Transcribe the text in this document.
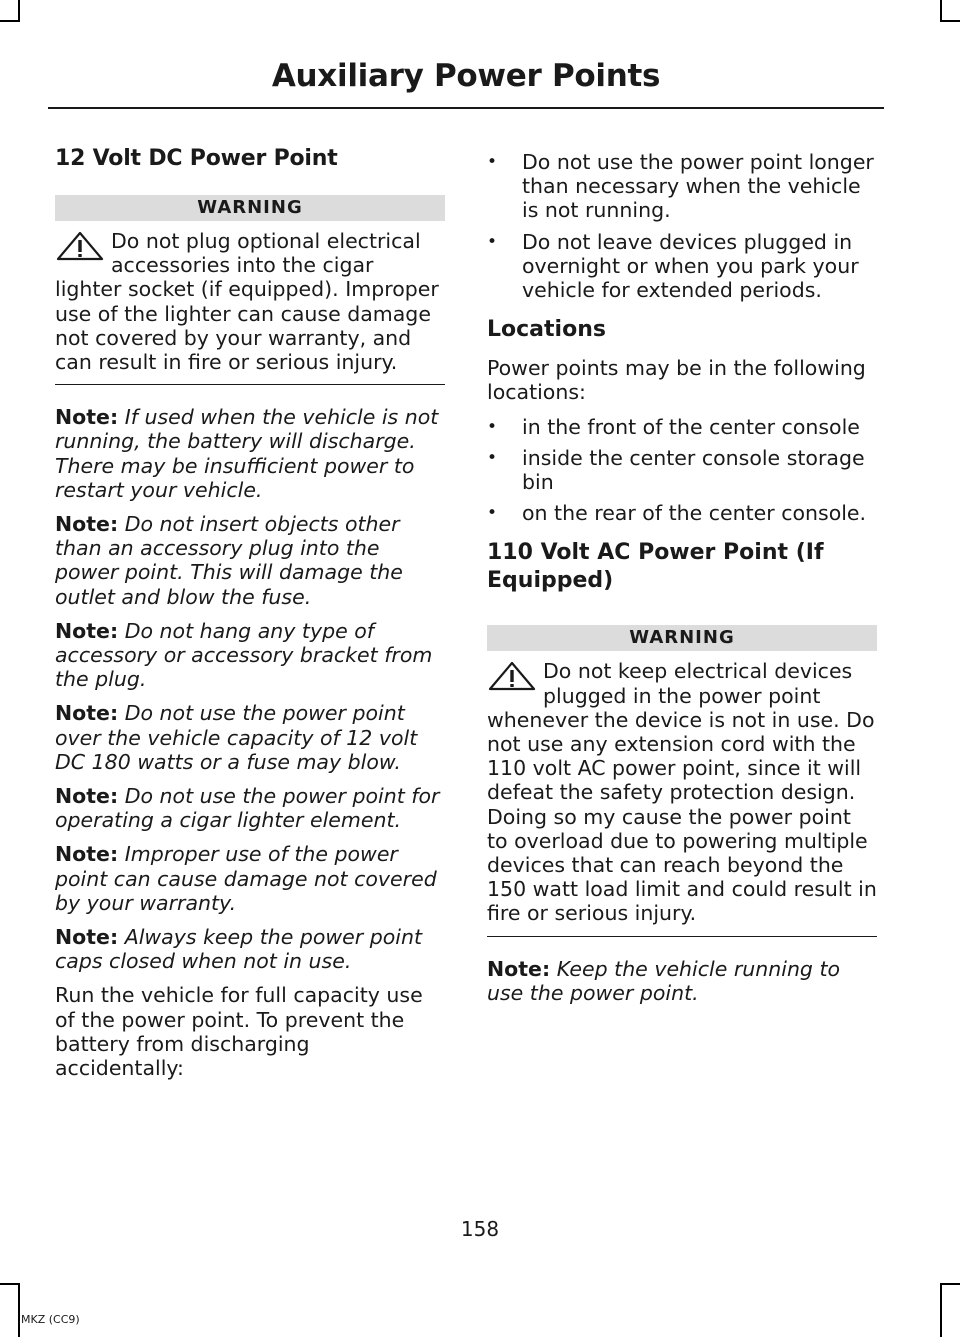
Auxiliary Power Points
12 Volt DC Power Point
WARNING

Do not plug optional electrical accessories into the cigar lighter socket (if equipped). Improper use of the lighter can cause damage not covered by your warranty, and can result in fire or serious injury.

Note: If used when the vehicle is not running, the battery will discharge. There may be insufficient power to restart your vehicle.

Note: Do not insert objects other than an accessory plug into the power point. This will damage the outlet and blow the fuse.

Note: Do not hang any type of accessory or accessory bracket from the plug.

Note: Do not use the power point over the vehicle capacity of 12 volt DC 180 watts or a fuse may blow.

Note: Do not use the power point for operating a cigar lighter element.

Note: Improper use of the power point can cause damage not covered by your warranty.

Note: Always keep the power point caps closed when not in use.

Run the vehicle for full capacity use of the power point. To prevent the battery from discharging accidentally:

• Do not use the power point longer than necessary when the vehicle is not running.
• Do not leave devices plugged in overnight or when you park your vehicle for extended periods.
Locations

Power points may be in the following locations:

• in the front of the center console
• inside the center console storage bin
• on the rear of the center console.
110 Volt AC Power Point (If Equipped)
WARNING

Do not keep electrical devices plugged in the power point whenever the device is not in use. Do not use any extension cord with the 110 volt AC power point, since it will defeat the safety protection design. Doing so my cause the power point to overload due to powering multiple devices that can reach beyond the 150 watt load limit and could result in fire or serious injury.

Note: Keep the vehicle running to use the power point.

158
MKZ (CC9)
